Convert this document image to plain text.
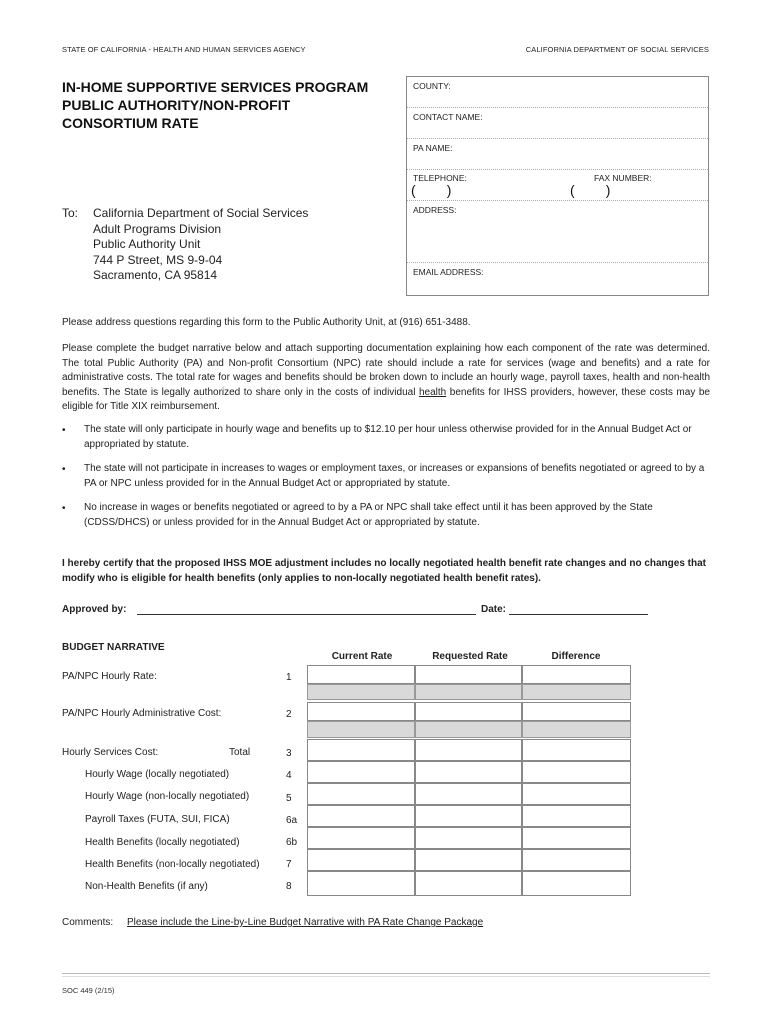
STATE OF CALIFORNIA - HEALTH AND HUMAN SERVICES AGENCY	CALIFORNIA DEPARTMENT OF SOCIAL SERVICES
IN-HOME SUPPORTIVE SERVICES PROGRAM
PUBLIC AUTHORITY/NON-PROFIT
CONSORTIUM RATE
COUNTY:
CONTACT NAME:
PA NAME:
TELEPHONE:	FAX NUMBER:
(        )	(        )
ADDRESS:
EMAIL ADDRESS:
To: California Department of Social Services
Adult Programs Division
Public Authority Unit
744 P Street, MS 9-9-04
Sacramento, CA 95814
Please address questions regarding this form to the Public Authority Unit, at (916) 651-3488.
Please complete the budget narrative below and attach supporting documentation explaining how each component of the rate was determined. The total Public Authority (PA) and Non-profit Consortium (NPC) rate should include a rate for services (wage and benefits) and a rate for administrative costs. The total rate for wages and benefits should be broken down to include an hourly wage, payroll taxes, health and non-health benefits. The State is legally authorized to share only in the costs of individual health benefits for IHSS providers, however, these costs may be eligible for Title XIX reimbursement.
• The state will only participate in hourly wage and benefits up to $12.10 per hour unless otherwise provided for in the Annual Budget Act or appropriated by statute.
• The state will not participate in increases to wages or employment taxes, or increases or expansions of benefits negotiated or agreed to by a PA or NPC unless provided for in the Annual Budget Act or appropriated by statute.
• No increase in wages or benefits negotiated or agreed to by a PA or NPC shall take effect until it has been approved by the State (CDSS/DHCS) or unless provided for in the Annual Budget Act or appropriated by statute.
I hereby certify that the proposed IHSS MOE adjustment includes no locally negotiated health benefit rate changes and no changes that modify who is eligible for health benefits (only applies to non-locally negotiated health benefit rates).
Approved by:	Date:
BUDGET NARRATIVE
Current Rate	Requested Rate	Difference
PA/NPC Hourly Rate:	1
PA/NPC Hourly Administrative Cost:	2
Hourly Services Cost:	Total	3
Hourly Wage (locally negotiated)	4
Hourly Wage (non-locally negotiated)	5
Payroll Taxes (FUTA, SUI, FICA)	6a
Health Benefits (locally negotiated)	6b
Health Benefits (non-locally negotiated)	7
Non-Health Benefits (if any)	8
Comments: Please include the Line-by-Line Budget Narrative with PA Rate Change Package
SOC 449 (2/15)
